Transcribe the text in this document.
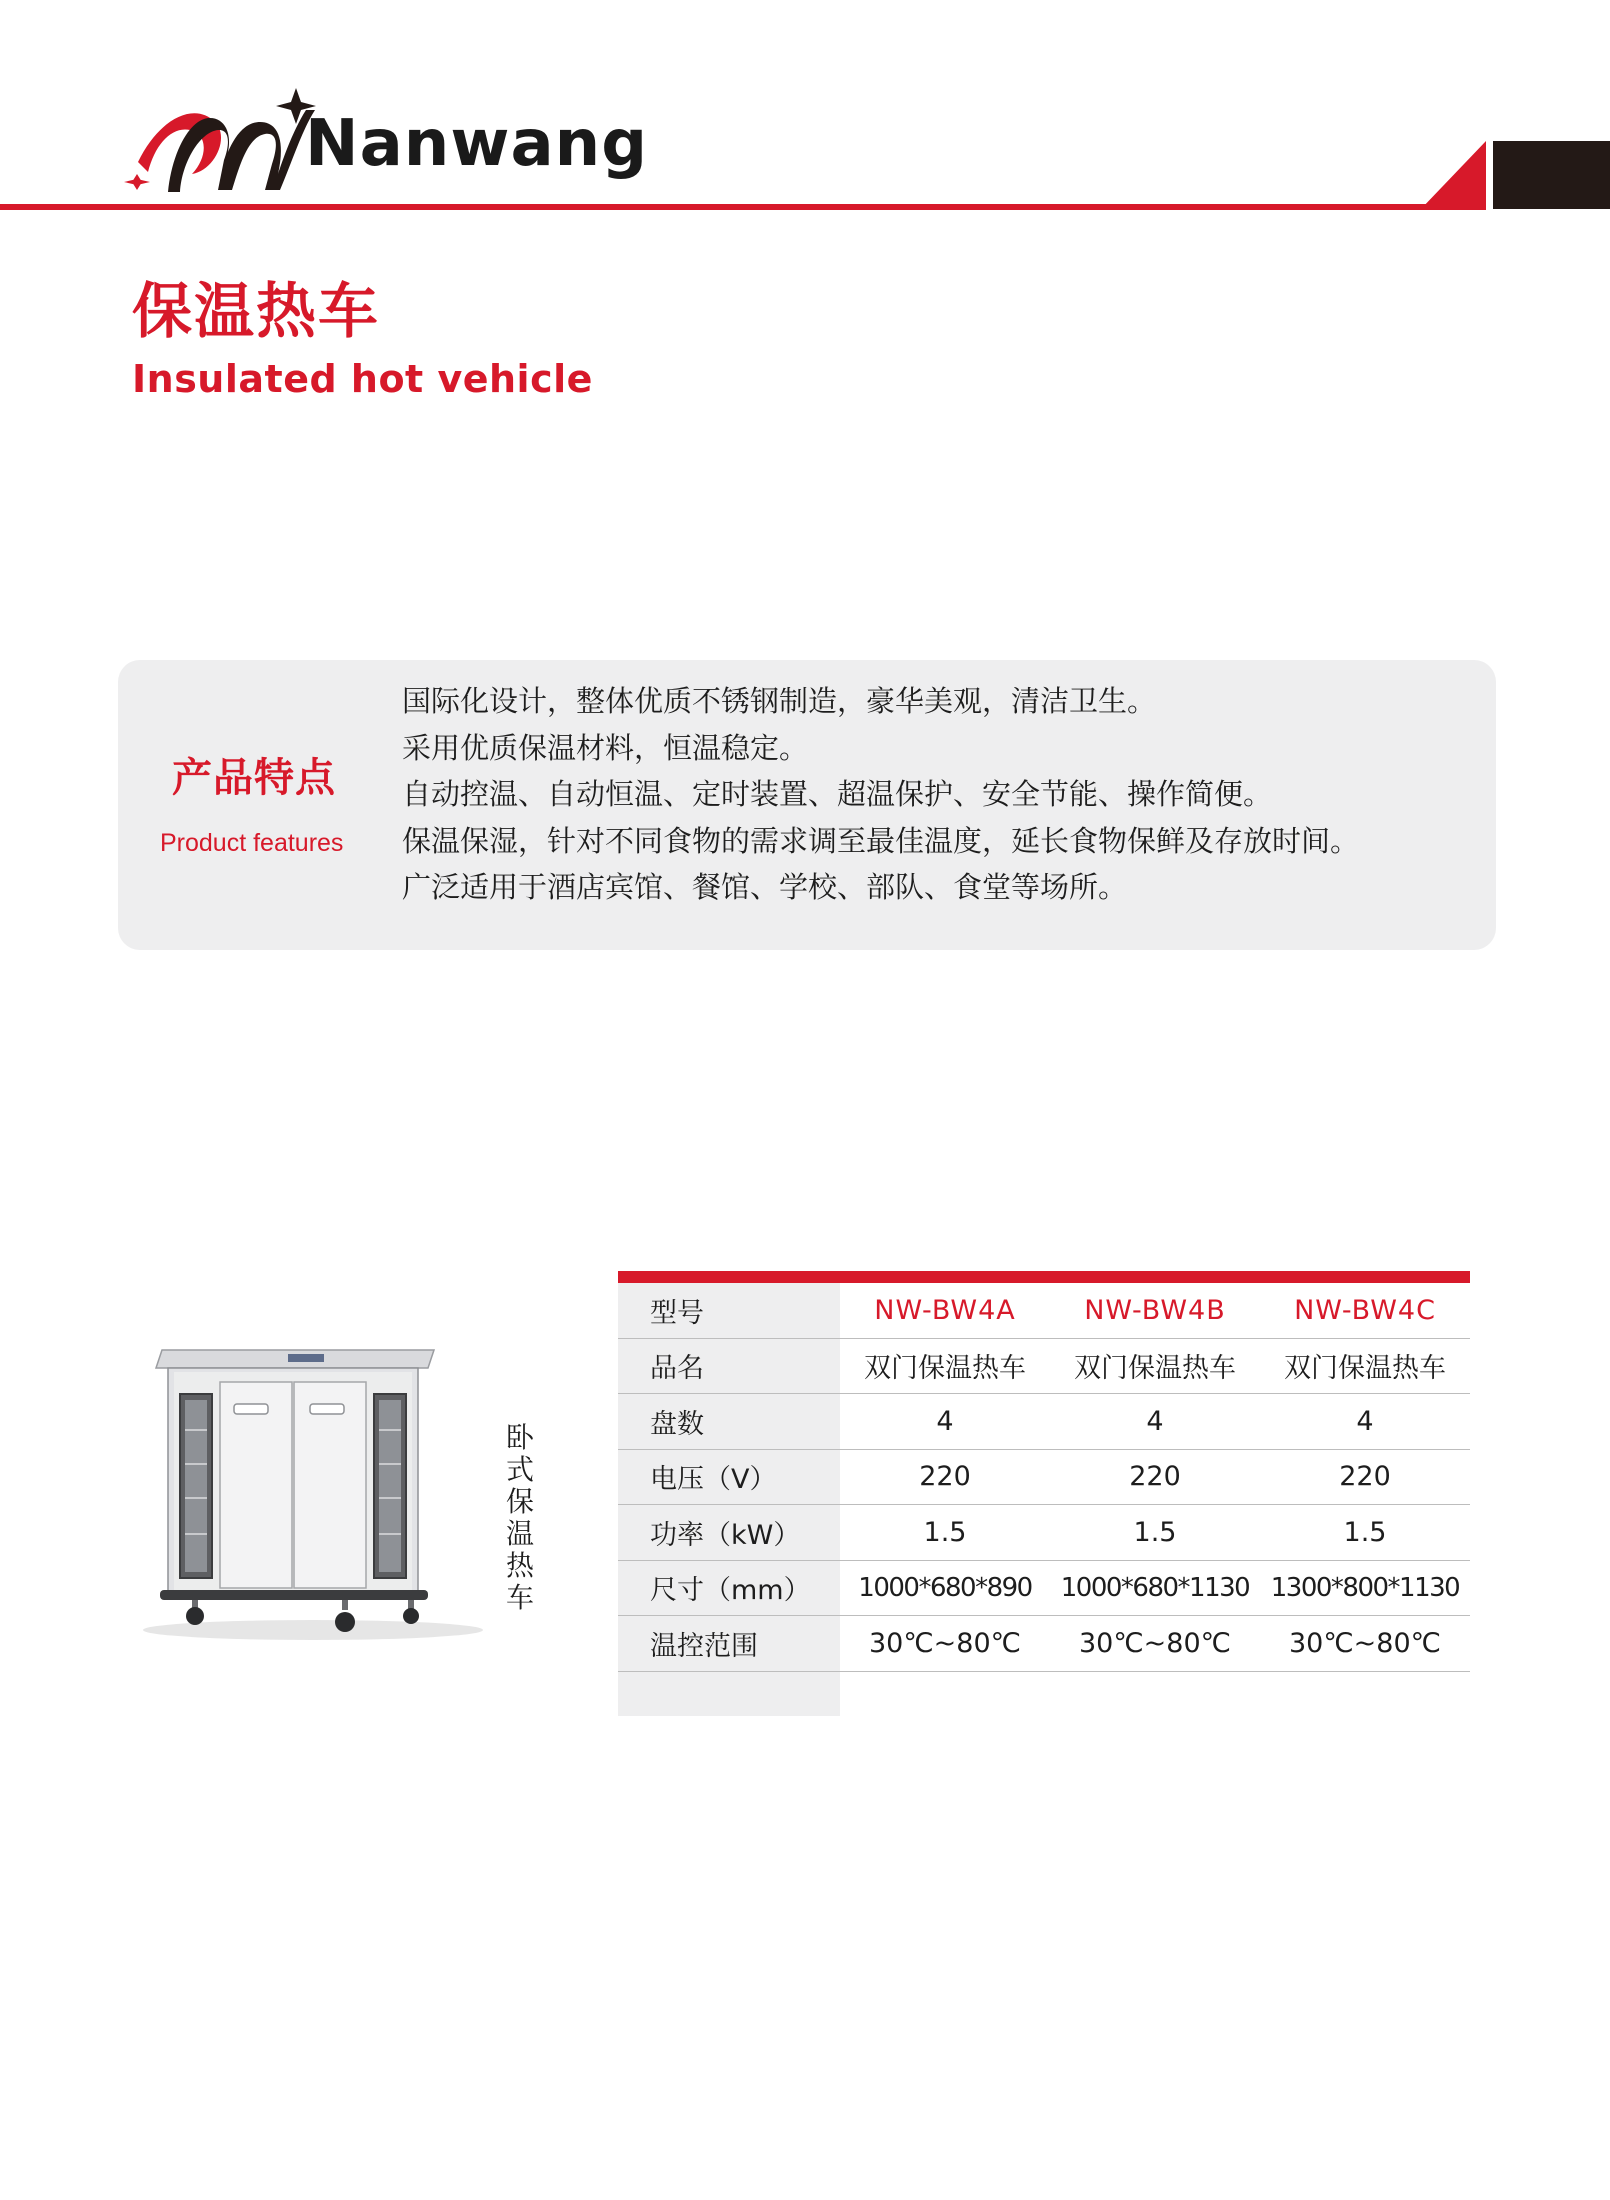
Nanwang
保温热车
Insulated hot vehicle
产品特点
Product features
国际化设计，整体优质不锈钢制造，豪华美观，清洁卫生。
采用优质保温材料，恒温稳定。
自动控温、自动恒温、定时装置、超温保护、安全节能、操作简便。
保温保湿，针对不同食物的需求调至最佳温度，延长食物保鲜及存放时间。
广泛适用于酒店宾馆、餐馆、学校、部队、食堂等场所。
卧式保温热车
型号	NW-BW4A	NW-BW4B	NW-BW4C
品名	双门保温热车	双门保温热车	双门保温热车
盘数	4	4	4
电压（V）	220	220	220
功率（kW）	1.5	1.5	1.5
尺寸（mm）	1000*680*890	1000*680*1130	1300*800*1130
温控范围	30℃~80℃	30℃~80℃	30℃~80℃
